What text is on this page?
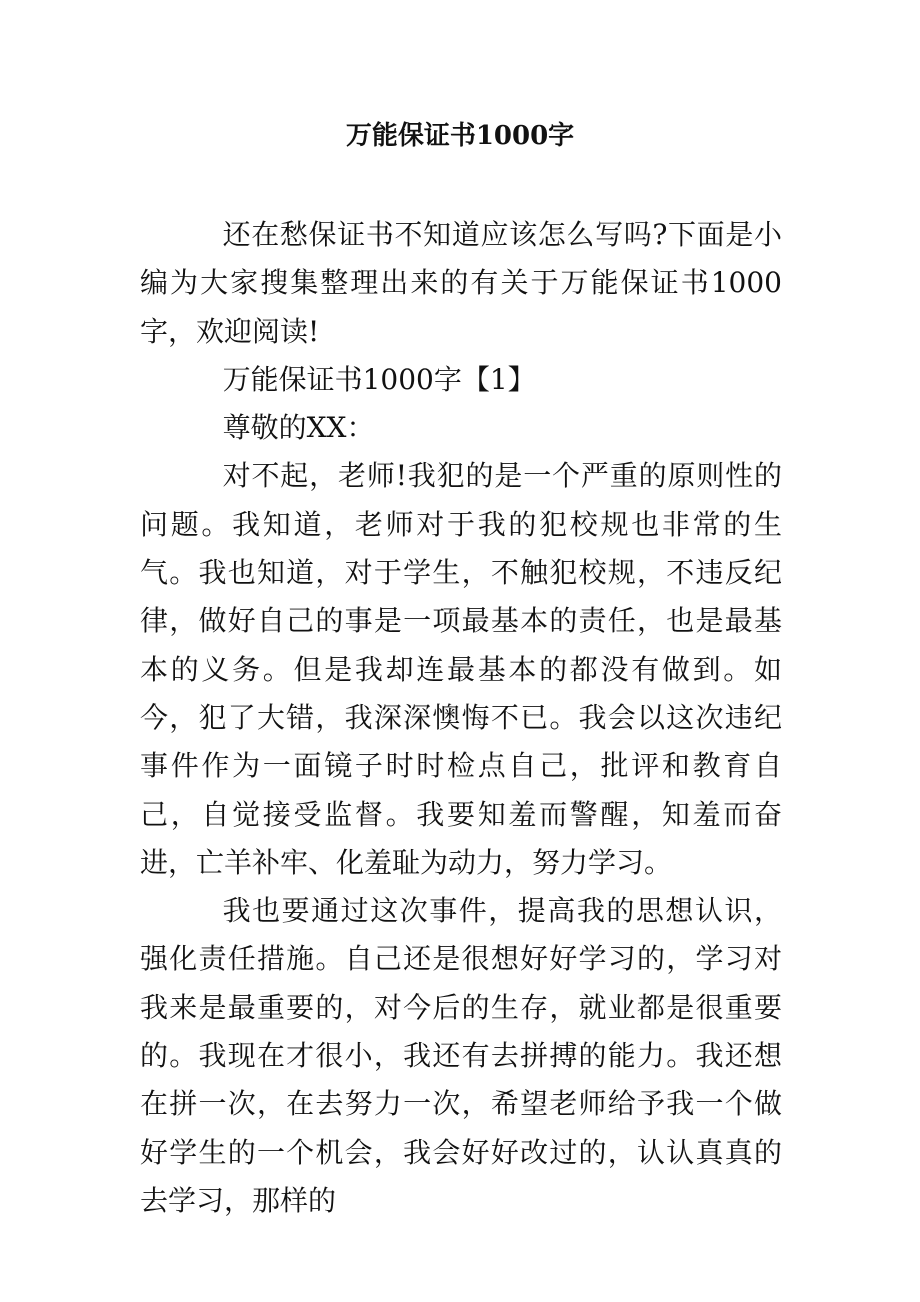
万能保证书1000字

还在愁保证书不知道应该怎么写吗?下面是小编为大家搜集整理出来的有关于万能保证书1000字，欢迎阅读!

万能保证书1000字【1】

尊敬的XX：

对不起，老师!我犯的是一个严重的原则性的问题。我知道，老师对于我的犯校规也非常的生气。我也知道，对于学生，不触犯校规，不违反纪律，做好自己的事是一项最基本的责任，也是最基本的义务。但是我却连最基本的都没有做到。如今，犯了大错，我深深懊悔不已。我会以这次违纪事件作为一面镜子时时检点自己，批评和教育自己，自觉接受监督。我要知羞而警醒，知羞而奋进，亡羊补牢、化羞耻为动力，努力学习。

我也要通过这次事件，提高我的思想认识，强化责任措施。自己还是很想好好学习的，学习对我来是最重要的，对今后的生存，就业都是很重要的。我现在才很小，我还有去拼搏的能力。我还想在拼一次，在去努力一次，希望老师给予我一个做好学生的一个机会，我会好好改过的，认认真真的去学习，那样的
